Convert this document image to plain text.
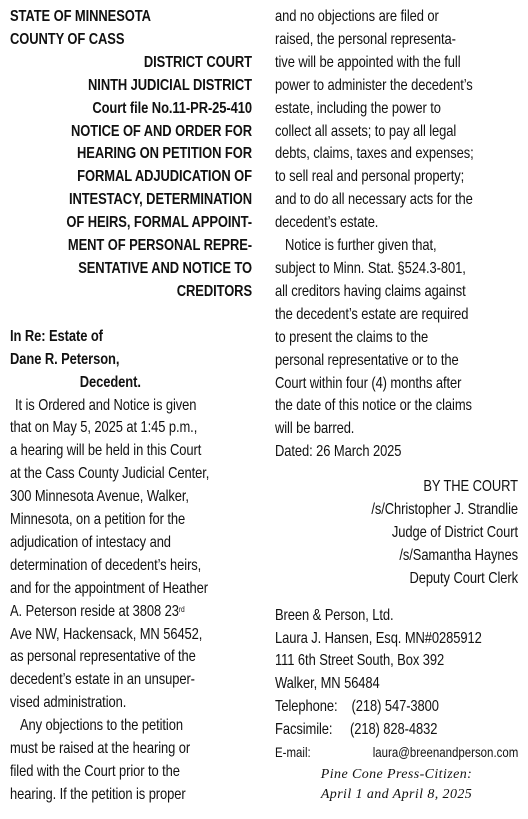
STATE OF MINNESOTA
COUNTY OF CASS
DISTRICT COURT
NINTH JUDICIAL DISTRICT
Court file No.11-PR-25-410
NOTICE OF AND ORDER FOR
HEARING ON PETITION FOR
FORMAL ADJUDICATION OF
INTESTACY, DETERMINATION
OF HEIRS, FORMAL APPOINT-
MENT OF PERSONAL REPRE-
SENTATIVE AND NOTICE TO
CREDITORS
In Re: Estate of
Dane R. Peterson,
Decedent.
It is Ordered and Notice is given
that on May 5, 2025 at 1:45 p.m.,
a hearing will be held in this Court
at the Cass County Judicial Center,
300 Minnesota Avenue, Walker,
Minnesota, on a petition for the
adjudication of intestacy and
determination of decedent’s heirs,
and for the appointment of Heather
A. Peterson reside at 3808 23rd
Ave NW, Hackensack, MN 56452,
as personal representative of the
decedent’s estate in an unsuper-
vised administration.
Any objections to the petition
must be raised at the hearing or
filed with the Court prior to the
hearing. If the petition is proper
and no objections are filed or
raised, the personal representa-
tive will be appointed with the full
power to administer the decedent’s
estate, including the power to
collect all assets; to pay all legal
debts, claims, taxes and expenses;
to sell real and personal property;
and to do all necessary acts for the
decedent’s estate.
Notice is further given that,
subject to Minn. Stat. §524.3-801,
all creditors having claims against
the decedent’s estate are required
to present the claims to the
personal representative or to the
Court within four (4) months after
the date of this notice or the claims
will be barred.
Dated: 26 March 2025
BY THE COURT
/s/Christopher J. Strandlie
Judge of District Court
/s/Samantha Haynes
Deputy Court Clerk
Breen & Person, Ltd.
Laura J. Hansen, Esq. MN#0285912
111 6th Street South, Box 392
Walker, MN 56484
Telephone:    (218) 547-3800
Facsimile:     (218) 828-4832
E-mail:	laura@breenandperson.com
Pine Cone Press-Citizen:
April 1 and April 8, 2025
